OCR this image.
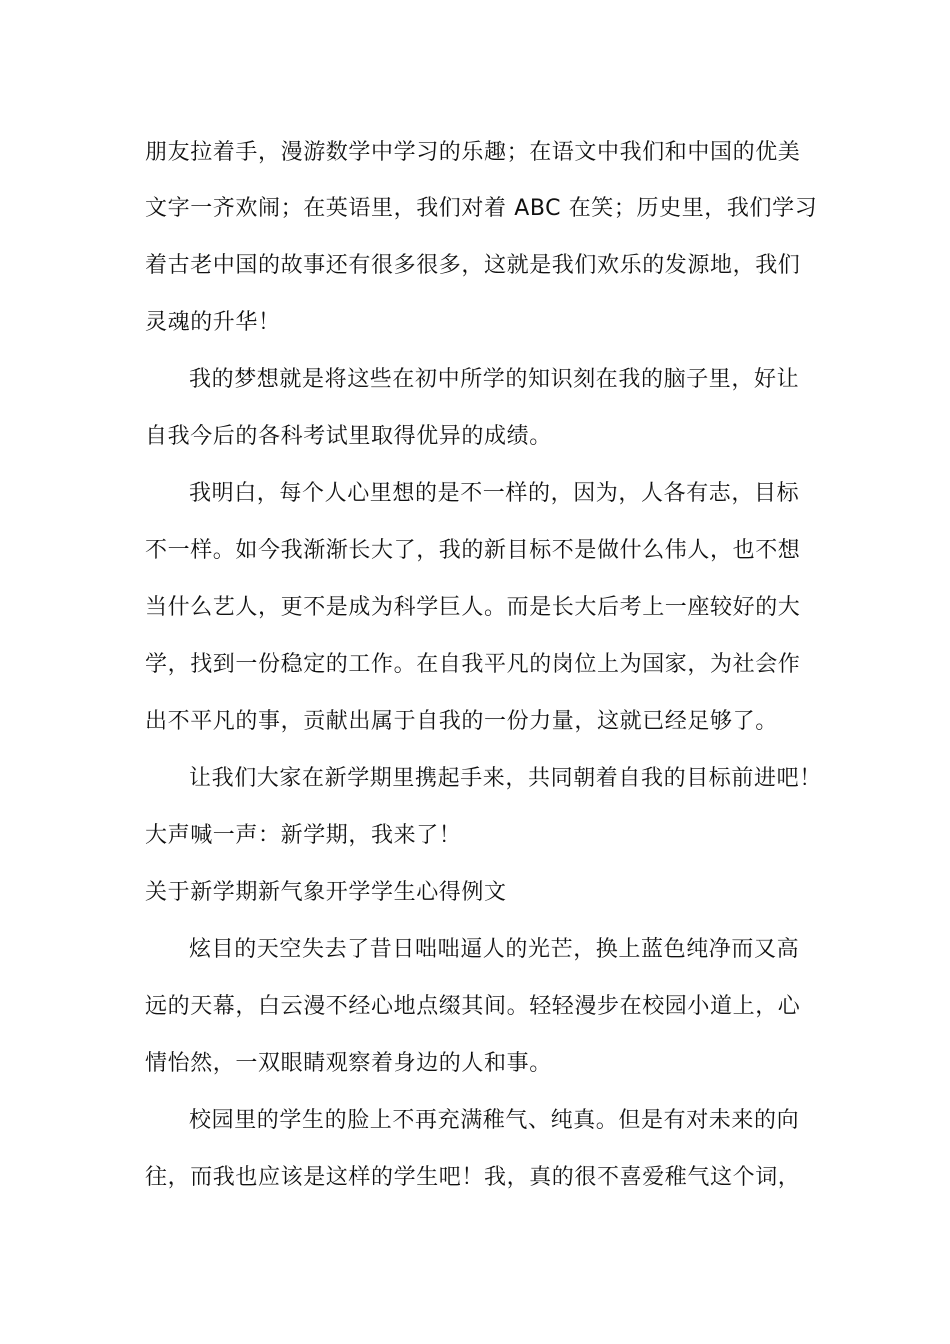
朋友拉着手，漫游数学中学习的乐趣；在语文中我们和中国的优美
文字一齐欢闹；在英语里，我们对着 ABC 在笑；历史里，我们学习
着古老中国的故事还有很多很多，这就是我们欢乐的发源地，我们
灵魂的升华！
我的梦想就是将这些在初中所学的知识刻在我的脑子里，好让
自我今后的各科考试里取得优异的成绩。
我明白，每个人心里想的是不一样的，因为，人各有志，目标
不一样。如今我渐渐长大了，我的新目标不是做什么伟人，也不想
当什么艺人，更不是成为科学巨人。而是长大后考上一座较好的大
学，找到一份稳定的工作。在自我平凡的岗位上为国家，为社会作
出不平凡的事，贡献出属于自我的一份力量，这就已经足够了。
让我们大家在新学期里携起手来，共同朝着自我的目标前进吧！
大声喊一声：新学期，我来了！
关于新学期新气象开学学生心得例文
炫目的天空失去了昔日咄咄逼人的光芒，换上蓝色纯净而又高
远的天幕，白云漫不经心地点缀其间。轻轻漫步在校园小道上，心
情怡然，一双眼睛观察着身边的人和事。
校园里的学生的脸上不再充满稚气、纯真。但是有对未来的向
往，而我也应该是这样的学生吧！我，真的很不喜爱稚气这个词，
